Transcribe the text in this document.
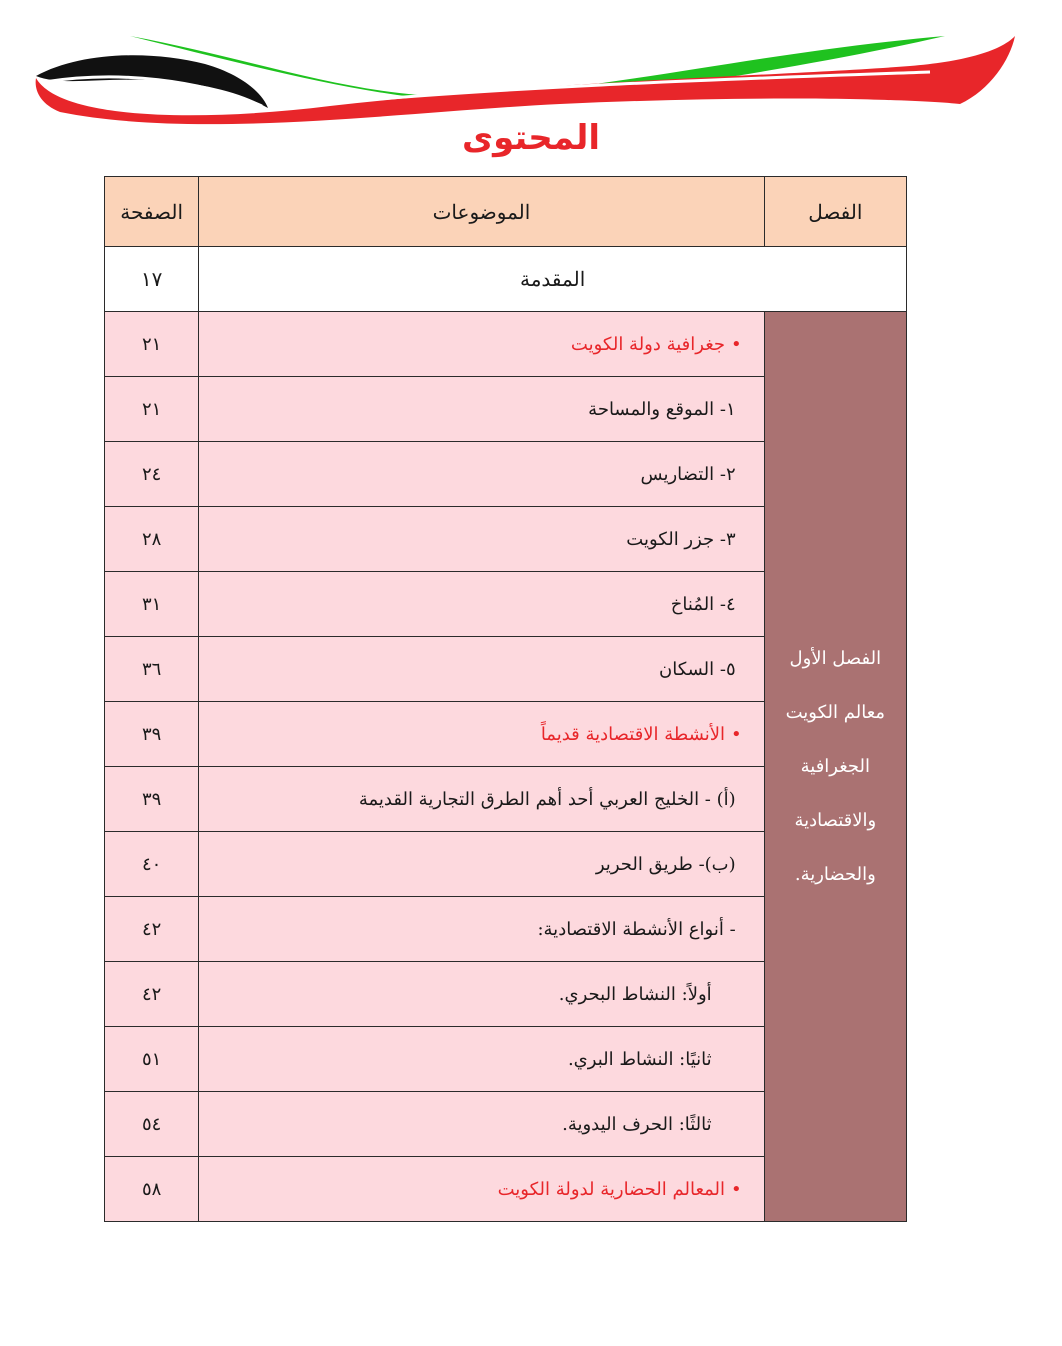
المحتوى
الفصل	الموضوعات	الصفحة
المقدمة		١٧

الفصل الأول
معالم الكويت
الجغرافية
والاقتصادية
والحضارية.	•جغرافية دولة الكويت	٢١
	١- الموقع والمساحة	٢١
	٢- التضاريس	٢٤
	٣- جزر الكويت	٢٨
	٤- المُناخ	٣١
	٥- السكان	٣٦
	•الأنشطة الاقتصادية قديماً	٣٩
	(أ) - الخليج العربي أحد أهم الطرق التجارية القديمة	٣٩
	(ب)- طريق الحرير	٤٠
	- أنواع الأنشطة الاقتصادية:	٤٢
	أولاً: النشاط البحري.	٤٢
	ثانيًا: النشاط البري.	٥١
	ثالثًا: الحرف اليدوية.	٥٤
	•المعالم الحضارية لدولة الكويت	٥٨
